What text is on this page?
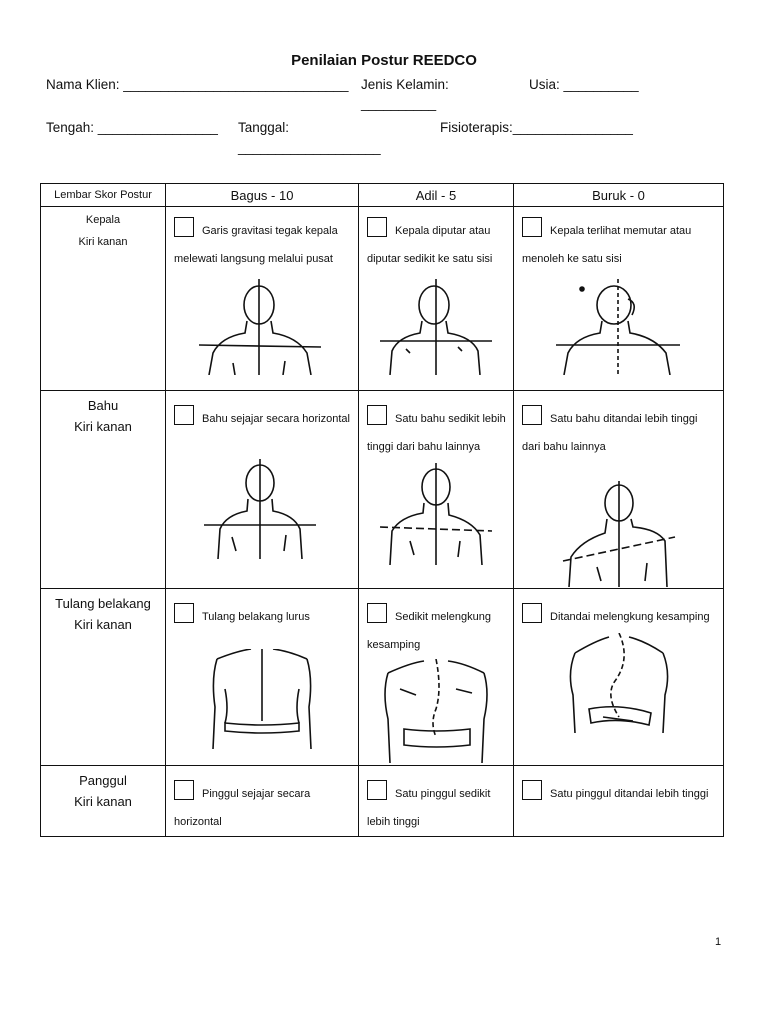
Penilaian Postur REEDCO
Nama Klien: ______________________________ Jenis Kelamin:
__________
Usia: __________
Tengah: ________________ Tanggal:
___________________
Fisioterapis:________________
Lembar Skor Postur	Bagus - 10	Adil - 5	Buruk - 0

Kepala
Kiri kanan	Garis gravitasi tegak kepala melewati langsung melalui pusat	Kepala diputar atau diputar sedikit ke satu sisi	Kepala terlihat memutar atau menoleh ke satu sisi

Bahu
Kiri kanan	Bahu sejajar secara horizontal	Satu bahu sedikit lebih tinggi dari bahu lainnya	Satu bahu ditandai lebih tinggi dari bahu lainnya

Tulang belakang
Kiri kanan	Tulang belakang lurus	Sedikit melengkung kesamping	Ditandai melengkung kesamping

Panggul
Kiri kanan	Pinggul sejajar secara horizontal	Satu pinggul sedikit lebih tinggi	Satu pinggul ditandai lebih tinggi
1
